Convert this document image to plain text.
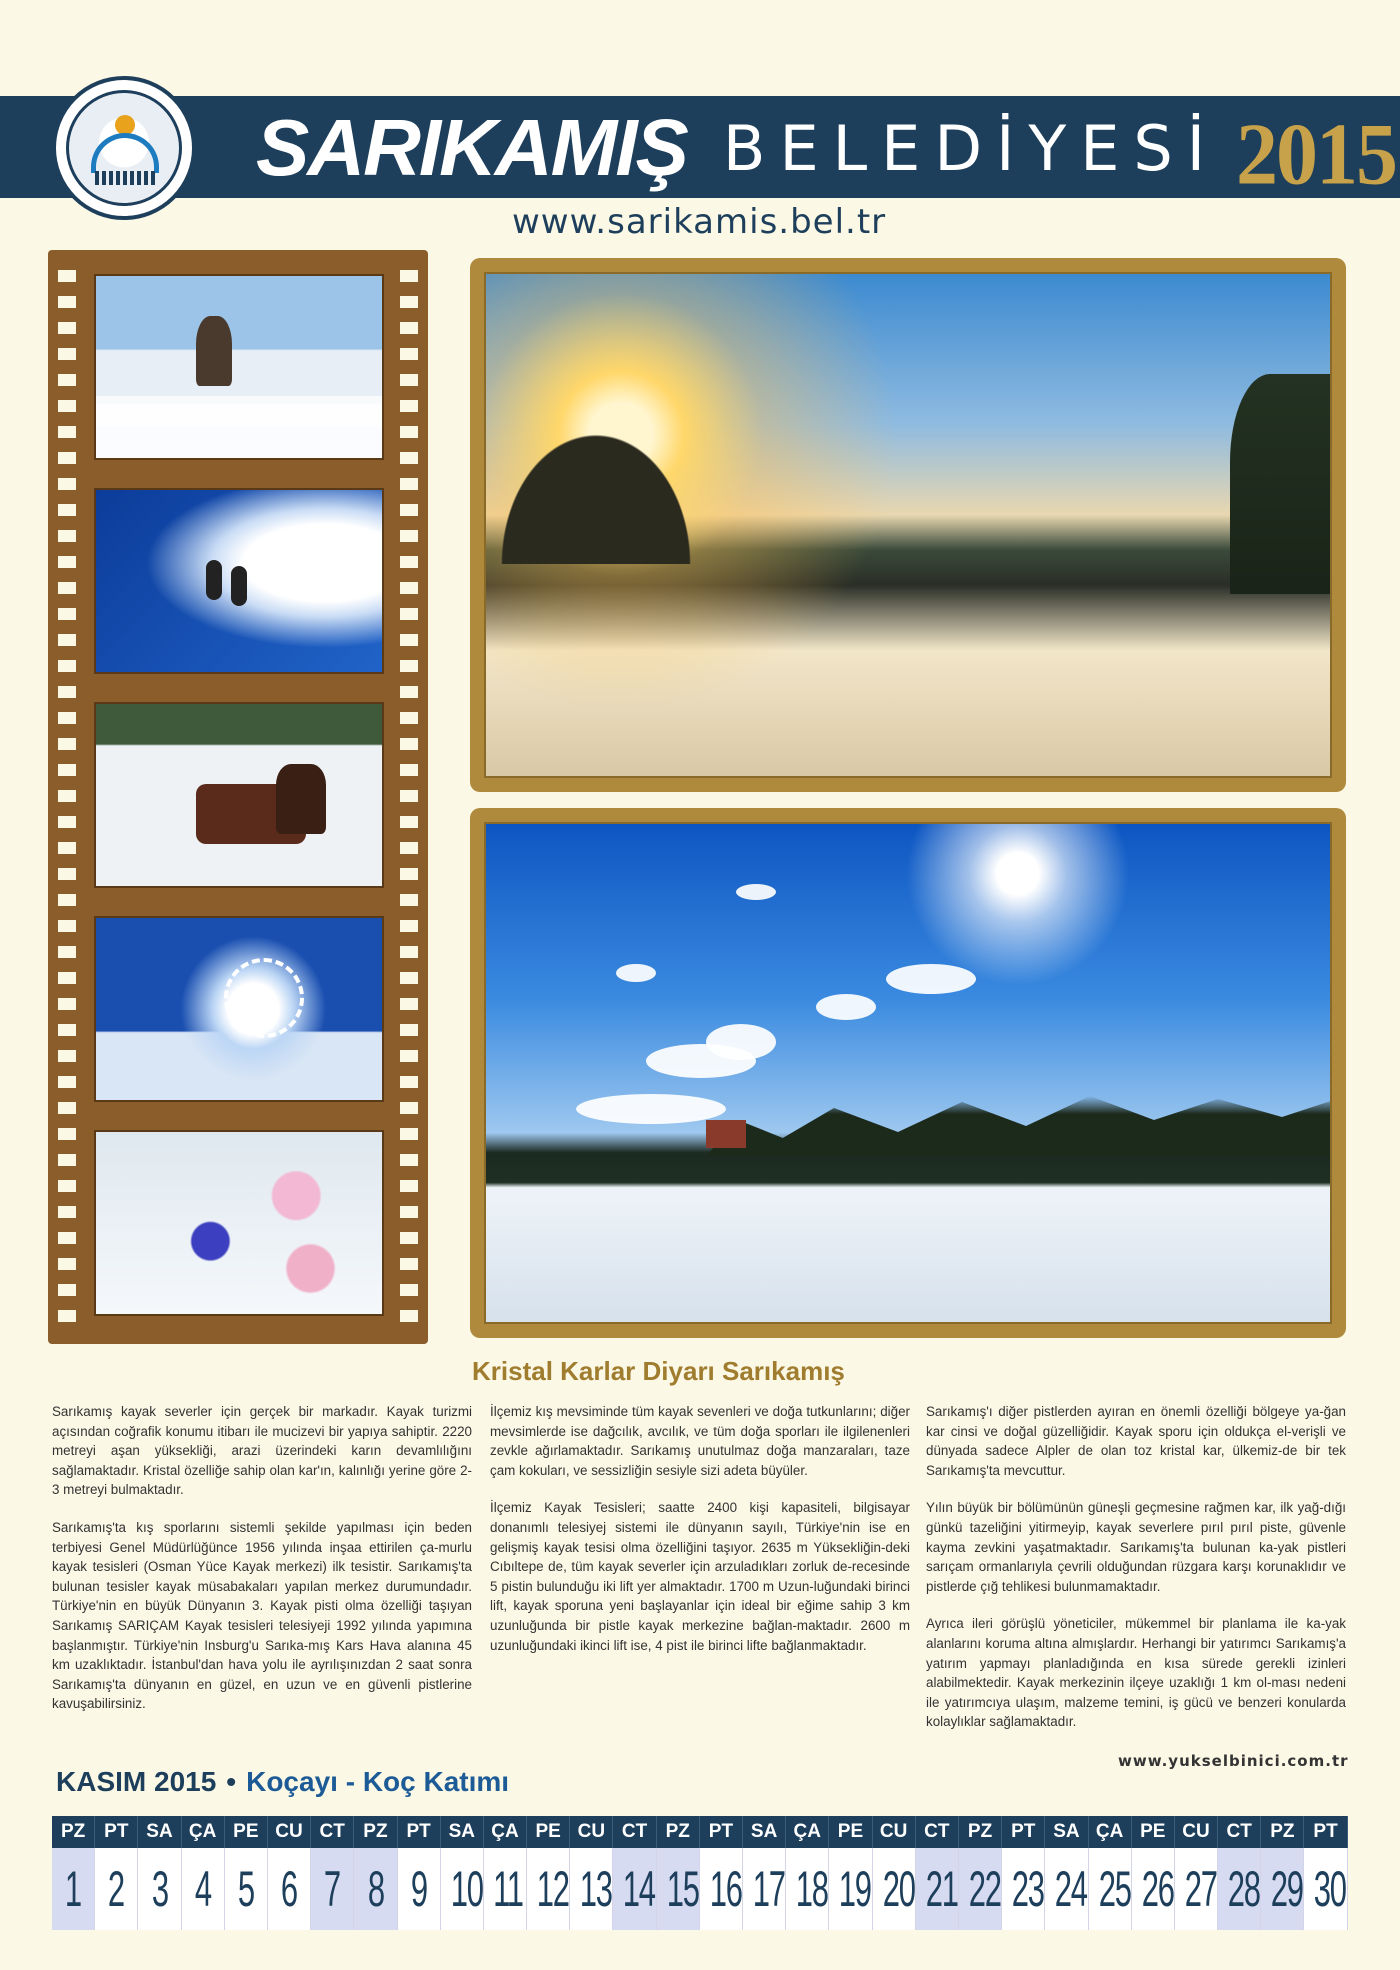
SARIKAMIŞ BELEDİYESİ 2015
www.sarikamis.bel.tr
Kristal Karlar Diyarı Sarıkamış

Sarıkamış kayak severler için gerçek bir markadır. Kayak turizmi açısından coğrafik konumu itibarı ile mucizevi bir yapıya sahiptir. 2220 metreyi aşan yüksekliği, arazi üzerindeki karın devamlılığını sağlamaktadır. Kristal özelliğe sahip olan kar'ın, kalınlığı yerine göre 2-3 metreyi bulmaktadır.

Sarıkamış'ta kış sporlarını sistemli şekilde yapılması için beden terbiyesi Genel Müdürlüğünce 1956 yılında inşaa ettirilen ça-murlu kayak tesisleri (Osman Yüce Kayak merkezi) ilk tesistir. Sarıkamış'ta bulunan tesisler kayak müsabakaları yapılan merkez durumundadır. Türkiye'nin en büyük Dünyanın 3. Kayak pisti olma özelliği taşıyan Sarıkamış SARIÇAM Kayak tesisleri telesiyeji 1992 yılında yapımına başlanmıştır. Türkiye'nin Insburg'u Sarıka-mış Kars Hava alanına 45 km uzaklıktadır. İstanbul'dan hava yolu ile ayrılışınızdan 2 saat sonra Sarıkamış'ta dünyanın en güzel, en uzun ve en güvenli pistlerine kavuşabilirsiniz.

İlçemiz kış mevsiminde tüm kayak sevenleri ve doğa tutkunlarını; diğer mevsimlerde ise dağcılık, avcılık, ve tüm doğa sporları ile ilgilenenleri zevkle ağırlamaktadır. Sarıkamış unutulmaz doğa manzaraları, taze çam kokuları, ve sessizliğin sesiyle sizi adeta büyüler.

İlçemiz Kayak Tesisleri; saatte 2400 kişi kapasiteli, bilgisayar donanımlı telesiyej sistemi ile dünyanın sayılı, Türkiye'nin ise en gelişmiş kayak tesisi olma özelliğini taşıyor. 2635 m Yüksekliğin-deki Cıbıltepe de, tüm kayak severler için arzuladıkları zorluk de-recesinde 5 pistin bulunduğu iki lift yer almaktadır. 1700 m Uzun-luğundaki birinci lift, kayak sporuna yeni başlayanlar için ideal bir eğime sahip 3 km uzunluğunda bir pistle kayak merkezine bağlan-maktadır. 2600 m uzunluğundaki ikinci lift ise, 4 pist ile birinci lifte bağlanmaktadır.

Sarıkamış'ı diğer pistlerden ayıran en önemli özelliği bölgeye ya-ğan kar cinsi ve doğal güzelliğidir. Kayak sporu için oldukça el-verişli ve dünyada sadece Alpler de olan toz kristal kar, ülkemiz-de bir tek Sarıkamış'ta mevcuttur.

Yılın büyük bir bölümünün güneşli geçmesine rağmen kar, ilk yağ-dığı günkü tazeliğini yitirmeyip, kayak severlere pırıl pırıl piste, güvenle kayma zevkini yaşatmaktadır. Sarıkamış'ta bulunan ka-yak pistleri sarıçam ormanlarıyla çevrili olduğundan rüzgara karşı korunaklıdır ve pistlerde çığ tehlikesi bulunmamaktadır.

Ayrıca ileri görüşlü yöneticiler, mükemmel bir planlama ile ka-yak alanlarını koruma altına almışlardır. Herhangi bir yatırımcı Sarıkamış'a yatırım yapmayı planladığında en kısa sürede gerekli izinleri alabilmektedir. Kayak merkezinin ilçeye uzaklığı 1 km ol-ması nedeni ile yatırımcıya ulaşım, malzeme temini, iş gücü ve benzeri konularda kolaylıklar sağlamaktadır.

www.yukselbinici.com.tr
KASIM 2015 • Koçayı - Koç Katımı
PZ
1
PT
2
SA
3
ÇA
4
PE
5
CU
6
CT
7
PZ
8
PT
9
SA
10
ÇA
11
PE
12
CU
13
CT
14
PZ
15
PT
16
SA
17
ÇA
18
PE
19
CU
20
CT
21
PZ
22
PT
23
SA
24
ÇA
25
PE
26
CU
27
CT
28
PZ
29
PT
30
